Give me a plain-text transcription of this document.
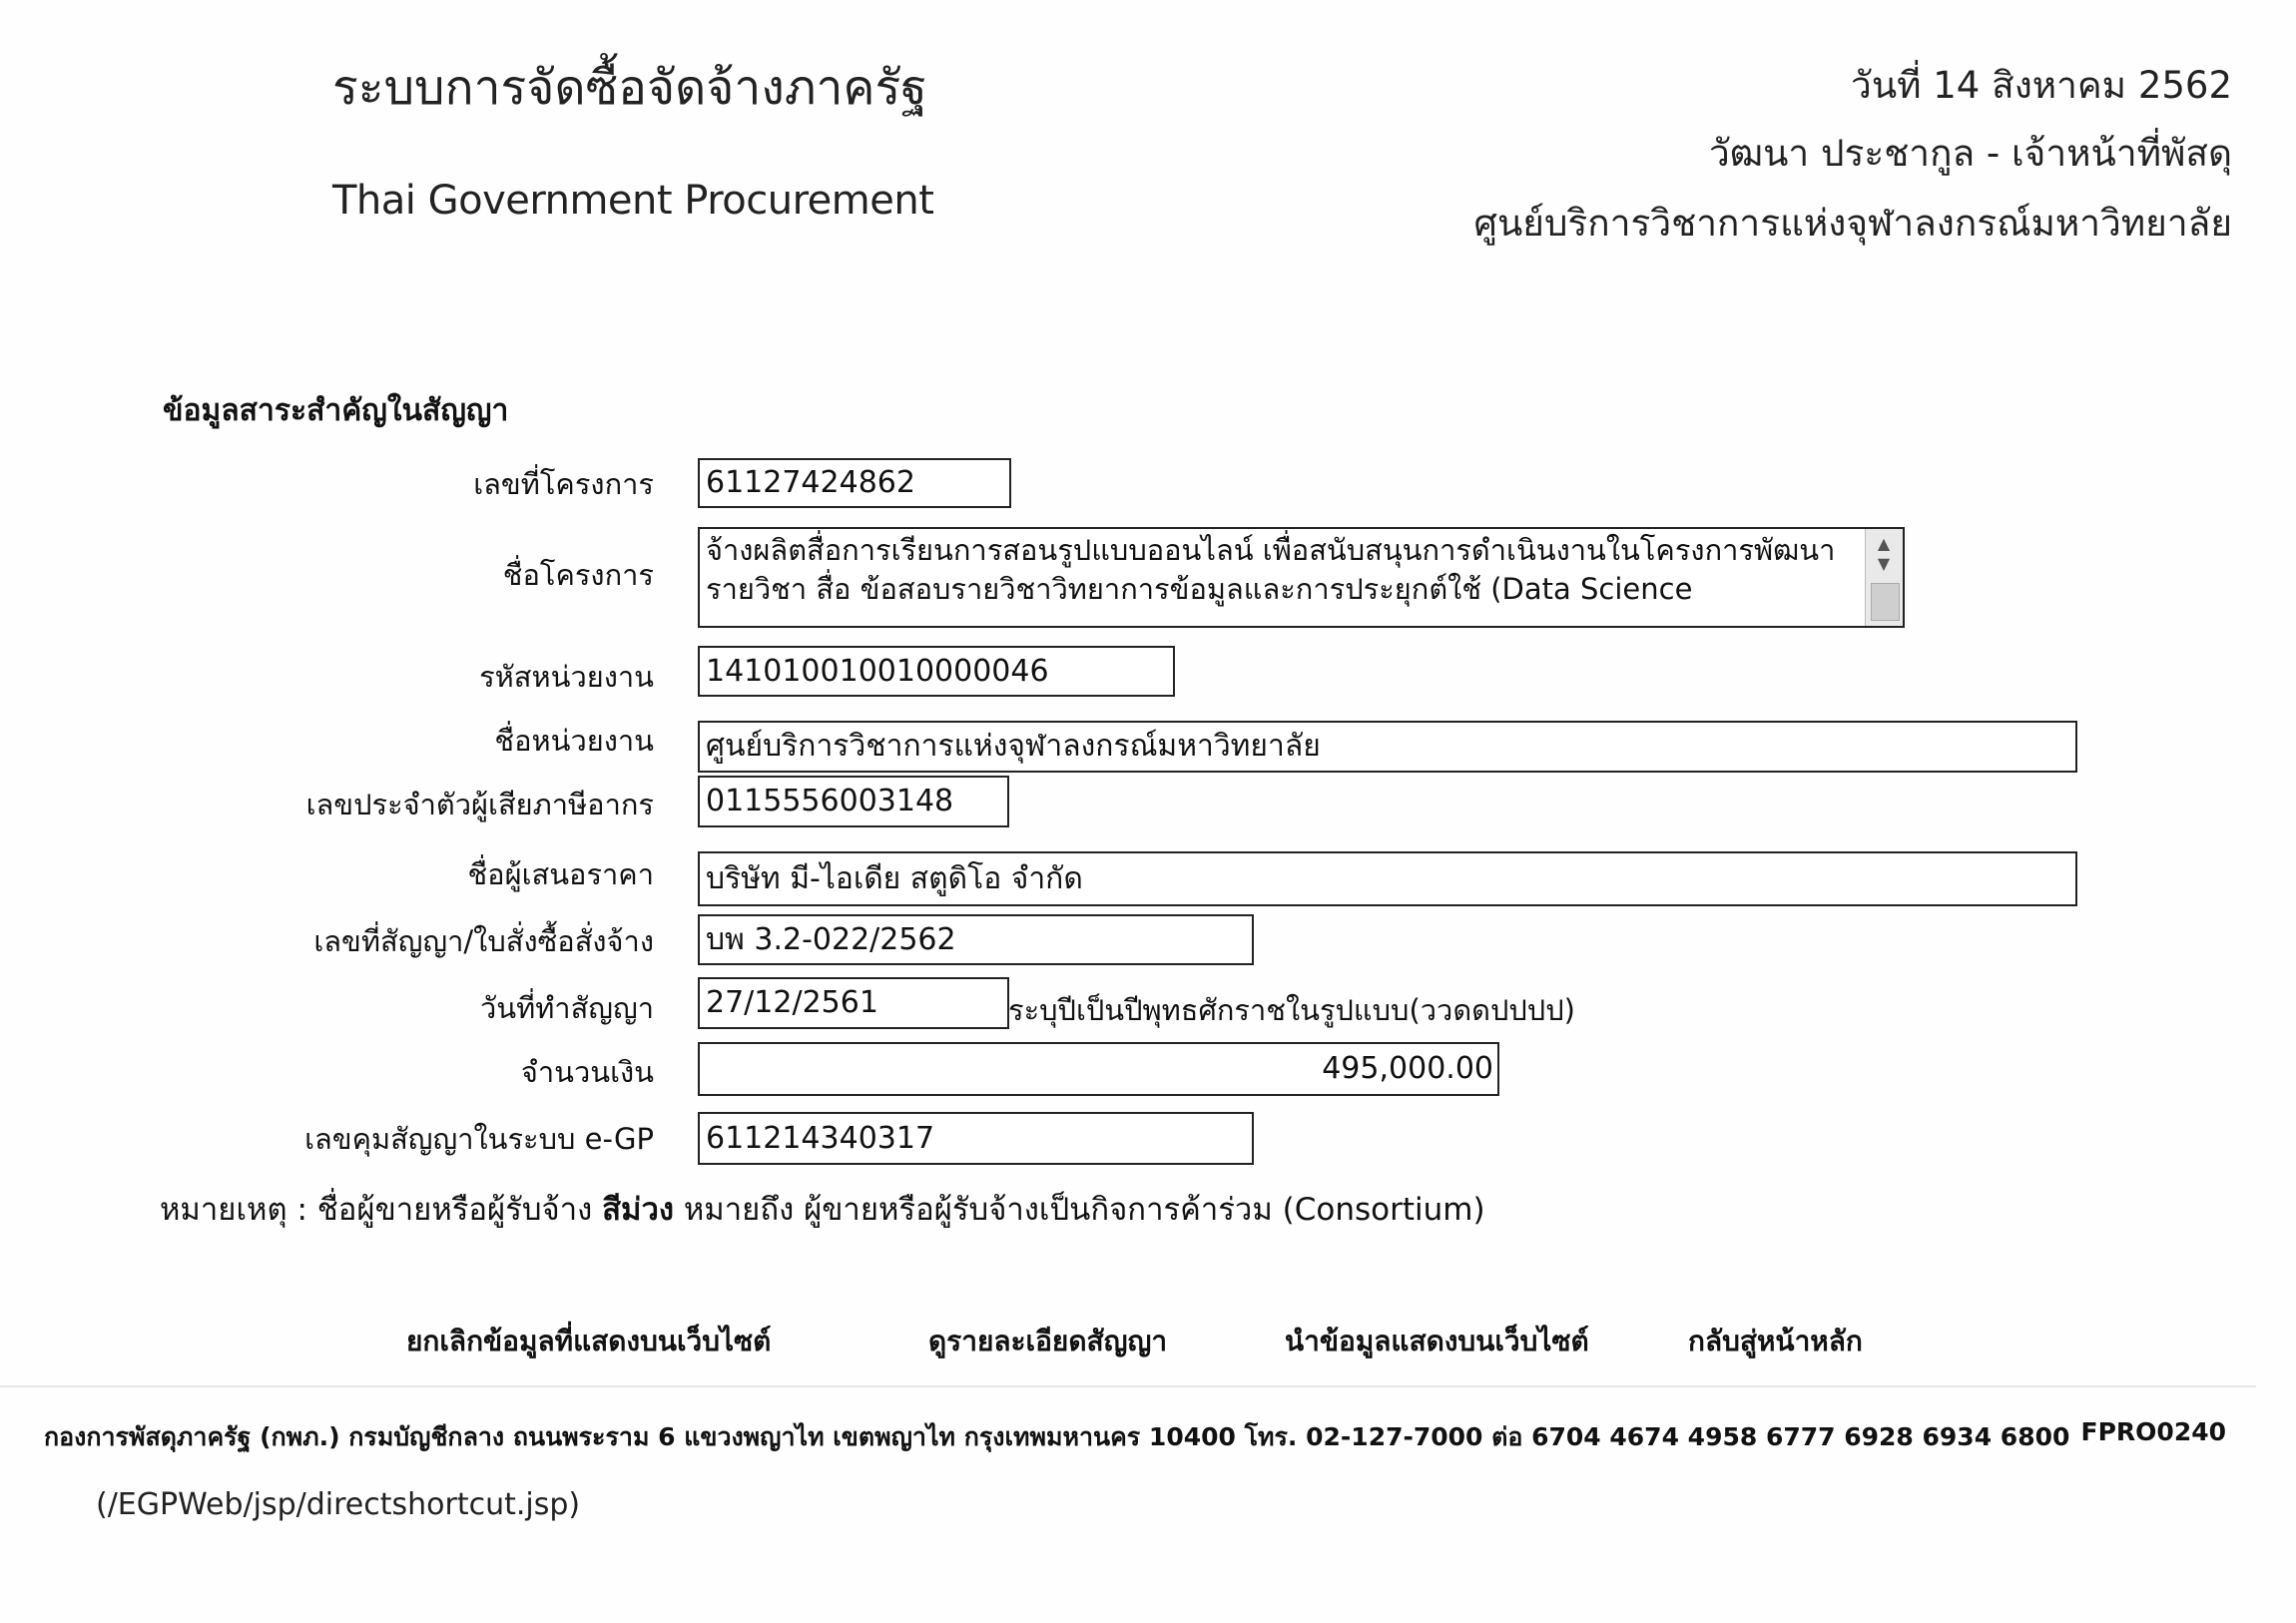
ระบบการจัดซื้อจัดจ้างภาครัฐ
Thai Government Procurement
วันที่ 14 สิงหาคม 2562
วัฒนา ประชากูล - เจ้าหน้าที่พัสดุ
ศูนย์บริการวิชาการแห่งจุฬาลงกรณ์มหาวิทยาลัย
ข้อมูลสาระสำคัญในสัญญา
เลขที่โครงการ 61127424862
ชื่อโครงการ
จ้างผลิตสื่อการเรียนการสอนรูปแบบออนไลน์ เพื่อสนับสนุนการดำเนินงานในโครงการพัฒนารายวิชา สื่อ ข้อสอบรายวิชาวิทยาการข้อมูลและการประยุกต์ใช้ (Data Science
▲
▼
รหัสหน่วยงาน 141010010010000046
ชื่อหน่วยงาน ศูนย์บริการวิชาการแห่งจุฬาลงกรณ์มหาวิทยาลัย
เลขประจำตัวผู้เสียภาษีอากร 0115556003148
ชื่อผู้เสนอราคา บริษัท มี-ไอเดีย สตูดิโอ จำกัด
เลขที่สัญญา/ใบสั่งซื้อสั่งจ้าง บพ 3.2-022/2562
วันที่ทำสัญญา 27/12/2561	ระบุปีเป็นปีพุทธศักราชในรูปแบบ(ววดดปปปป)
จำนวนเงิน	495,000.00
เลขคุมสัญญาในระบบ e-GP 611214340317
หมายเหตุ : ชื่อผู้ขายหรือผู้รับจ้าง สีม่วง หมายถึง ผู้ขายหรือผู้รับจ้างเป็นกิจการค้าร่วม (Consortium)
ยกเลิกข้อมูลที่แสดงบนเว็บไซต์	ดูรายละเอียดสัญญา	นำข้อมูลแสดงบนเว็บไซต์	กลับสู่หน้าหลัก
กองการพัสดุภาครัฐ (กพภ.) กรมบัญชีกลาง ถนนพระราม 6 แขวงพญาไท เขตพญาไท กรุงเทพมหานคร 10400 โทร. 02-127-7000 ต่อ 6704 4674 4958 6777 6928 6934 6800 FPRO0240
(/EGPWeb/jsp/directshortcut.jsp)
